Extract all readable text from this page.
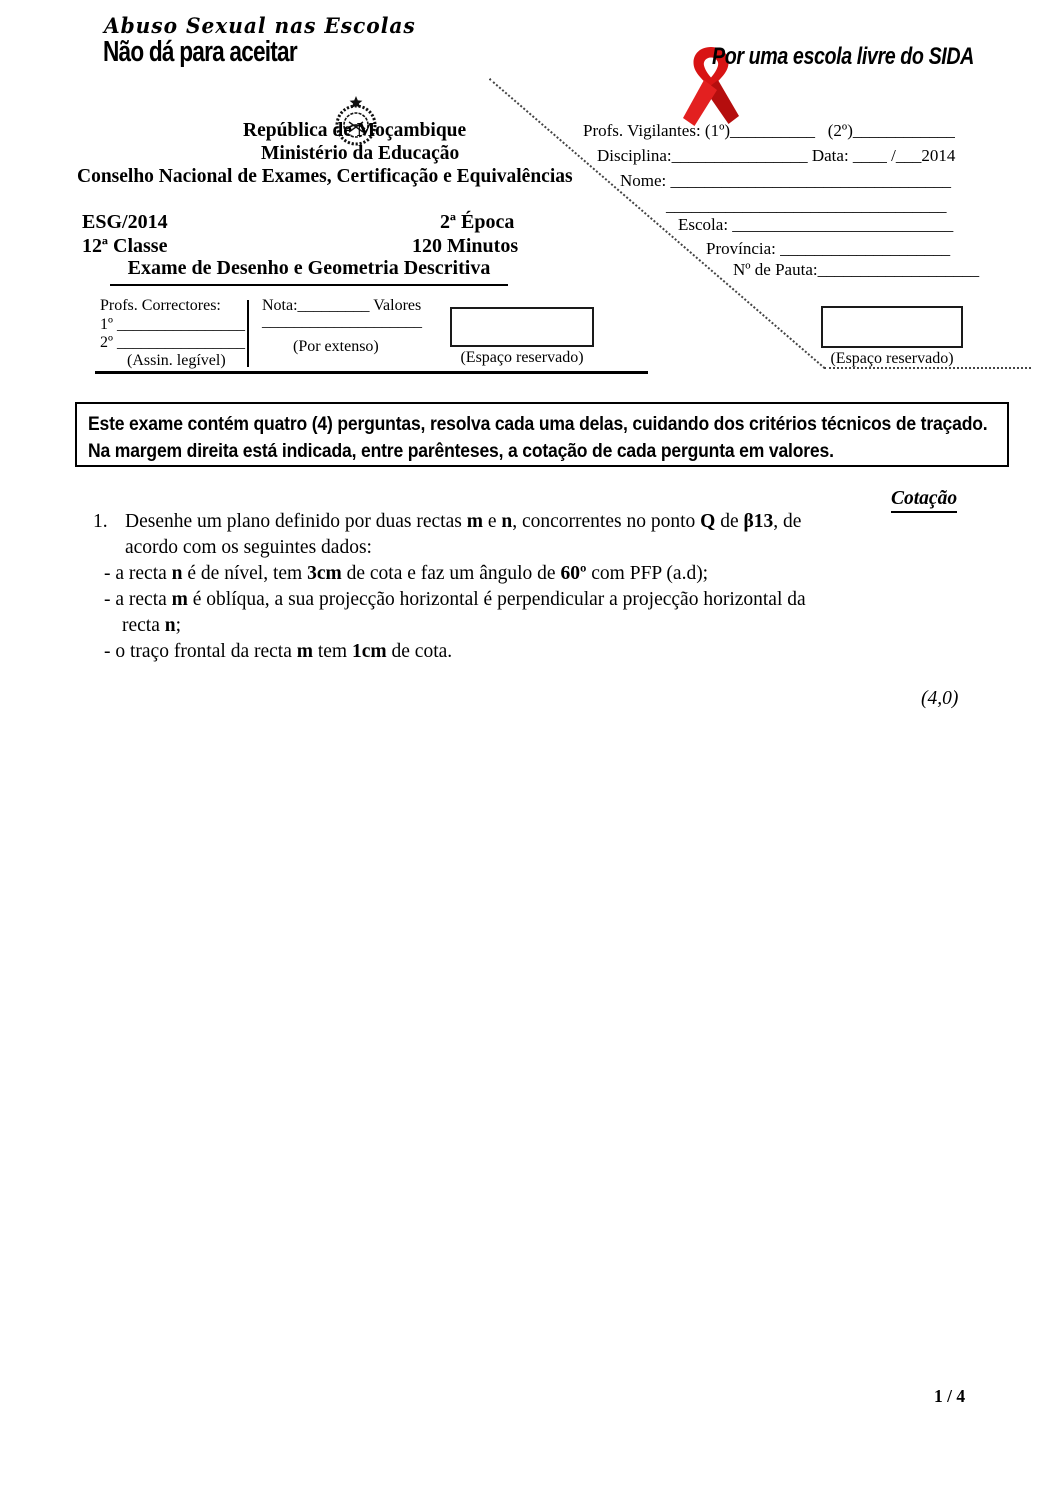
Abuso Sexual nas Escolas
Não dá para aceitar

	Por uma escola livre do SIDA

República de Moçambique
Ministério da Educação
Conselho Nacional de Exames, Certificação e Equivalências
ESG/2014	2ª Época
12ª Classe	120 Minutos
Exame de Desenho e Geometria Descritiva
Profs. Vigilantes: (1º)__________   (2º)____________
Disciplina:________________ Data: ____ /___2014
Nome: _________________________________
_________________________________
Escola: __________________________
Província: ____________________
Nº de Pauta:___________________
Profs. Correctores:
1º ________________
2º ________________
(Assin. legível)
Nota:_________ Valores
____________________
(Por extenso)
(Espaço reservado)	(Espaço reservado)

Este exame contém quatro (4) perguntas, resolva cada uma delas, cuidando dos critérios técnicos de traçado.

Na margem direita está indicada, entre parênteses, a cotação de cada pergunta em valores.

Cotação
1. Desenhe um plano definido por duas rectas m e n, concorrentes no ponto Q de β13, de
acordo com os seguintes dados:
- a recta n é de nível, tem 3cm de cota e faz um ângulo de 60º com PFP (a.d);
- a recta m é oblíqua, a sua projecção horizontal é perpendicular a projecção horizontal da
recta n;
- o traço frontal da recta m tem 1cm de cota.
(4,0)
1 / 4
